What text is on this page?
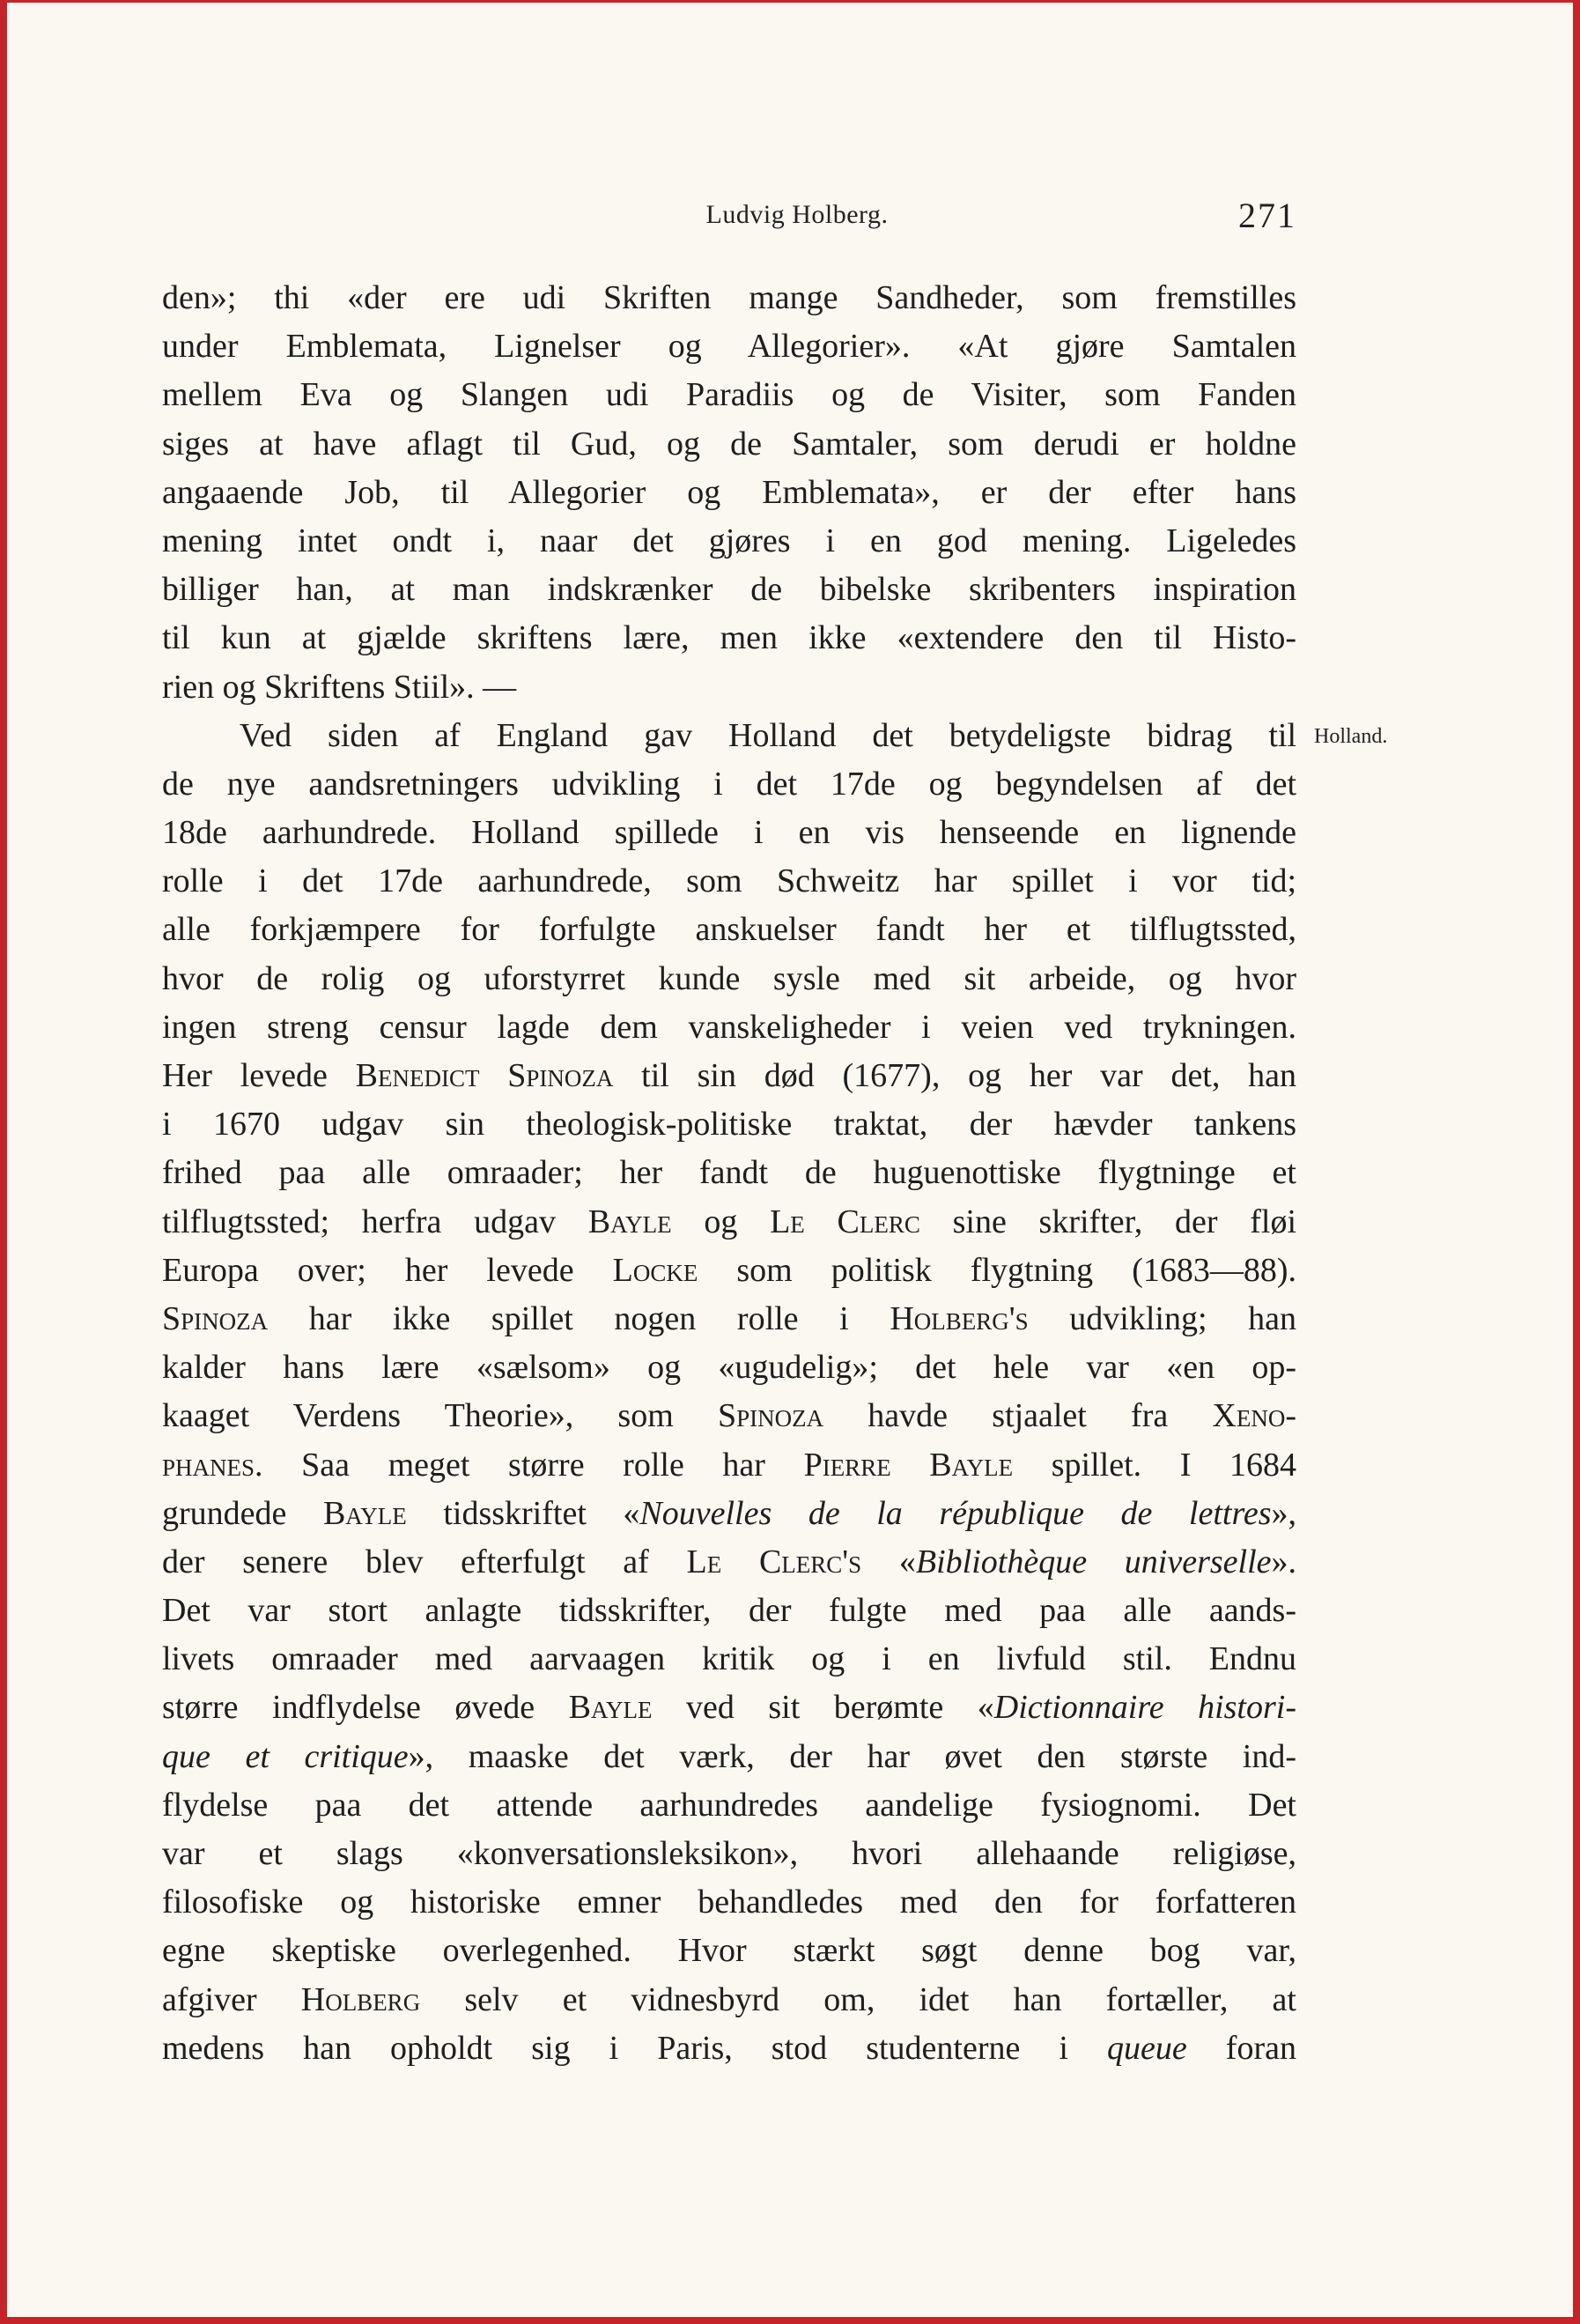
Ludvig Holberg.	271
Holland.
den»; thi «der ere udi Skriften mange Sandheder, som fremstilles
under Emblemata, Lignelser og Allegorier». «At gjøre Samtalen
mellem Eva og Slangen udi Paradiis og de Visiter, som Fanden
siges at have aflagt til Gud, og de Samtaler, som derudi er holdne
angaaende Job, til Allegorier og Emblemata», er der efter hans
mening intet ondt i, naar det gjøres i en god mening. Ligeledes
billiger han, at man indskrænker de bibelske skribenters inspiration
til kun at gjælde skriftens lære, men ikke «extendere den til Histo-
rien og Skriftens Stiil». —
Ved siden af England gav Holland det betydeligste bidrag til
de nye aandsretningers udvikling i det 17de og begyndelsen af det
18de aarhundrede. Holland spillede i en vis henseende en lignende
rolle i det 17de aarhundrede, som Schweitz har spillet i vor tid;
alle forkjæmpere for forfulgte anskuelser fandt her et tilflugtssted,
hvor de rolig og uforstyrret kunde sysle med sit arbeide, og hvor
ingen streng censur lagde dem vanskeligheder i veien ved trykningen.
Her levede Benedict Spinoza til sin død (1677), og her var det, han
i 1670 udgav sin theologisk-politiske traktat, der hævder tankens
frihed paa alle omraader; her fandt de huguenottiske flygtninge et
tilflugtssted; herfra udgav Bayle og Le Clerc sine skrifter, der fløi
Europa over; her levede Locke som politisk flygtning (1683—88).
Spinoza har ikke spillet nogen rolle i Holberg's udvikling; han
kalder hans lære «sælsom» og «ugudelig»; det hele var «en op-
kaaget Verdens Theorie», som Spinoza havde stjaalet fra Xeno-
phanes. Saa meget større rolle har Pierre Bayle spillet. I 1684
grundede Bayle tidsskriftet «Nouvelles de la république de lettres»,
der senere blev efterfulgt af Le Clerc's «Bibliothèque universelle».
Det var stort anlagte tidsskrifter, der fulgte med paa alle aands-
livets omraader med aarvaagen kritik og i en livfuld stil. Endnu
større indflydelse øvede Bayle ved sit berømte «Dictionnaire histori-
que et critique», maaske det værk, der har øvet den største ind-
flydelse paa det attende aarhundredes aandelige fysiognomi. Det
var et slags «konversationsleksikon», hvori allehaande religiøse,
filosofiske og historiske emner behandledes med den for forfatteren
egne skeptiske overlegenhed. Hvor stærkt søgt denne bog var,
afgiver Holberg selv et vidnesbyrd om, idet han fortæller, at
medens han opholdt sig i Paris, stod studenterne i queue foran
